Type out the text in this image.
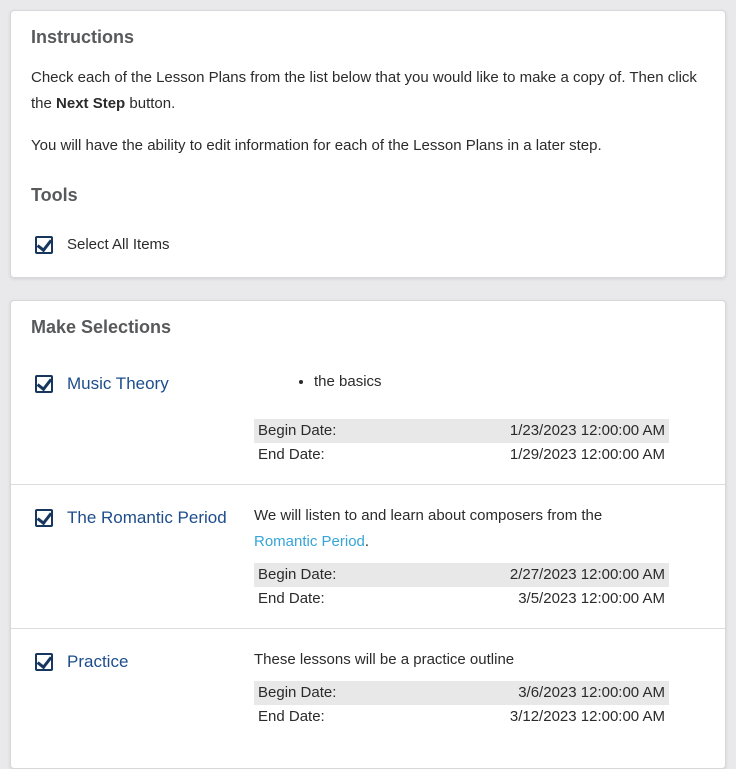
Instructions

Check each of the Lesson Plans from the list below that you would like to make a copy of. Then click the Next Step button.

You will have the ability to edit information for each of the Lesson Plans in a later step.

Tools
Select All Items
Make Selections
Music Theory	• the basics
Begin Date:	1/23/2023 12:00:00 AM
End Date:	1/29/2023 12:00:00 AM
The Romantic Period	We will listen to and learn about composers from the Romantic Period.
Begin Date:	2/27/2023 12:00:00 AM
End Date:	3/5/2023 12:00:00 AM
Practice	These lessons will be a practice outline
Begin Date:	3/6/2023 12:00:00 AM
End Date:	3/12/2023 12:00:00 AM
